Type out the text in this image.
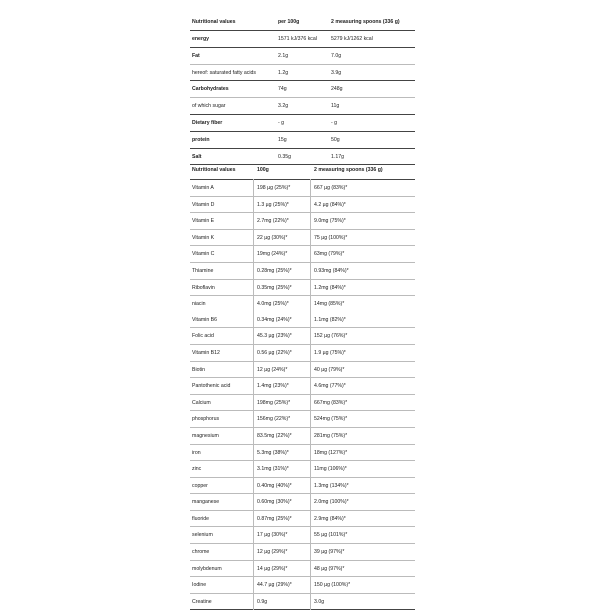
Nutritional values	per 100g	2 measuring spoons (336 g)
energy	1571 kJ/376 kcal	5279 kJ/1262 kcal
Fat	2.1g	7.0g
hereof: saturated fatty acids	1.2g	3.9g
Carbohydrates	74g	248g
of which sugar	3.2g	11g
Dietary fiber	- g	- g
protein	15g	50g
Salt	0.35g	1.17g
Nutritional values	100g	2 measuring spoons (336 g)
Vitamin A	198 µg (25%)*	667 µg (83%)*
Vitamin D	1.3 µg (25%)*	4.2 µg (84%)*
Vitamin E	2.7mg (22%)*	9.0mg (75%)*
Vitamin K	22 µg (30%)*	75 µg (100%)*
Vitamin C	19mg (24%)*	63mg (79%)*
Thiamine	0.28mg (25%)*	0.93mg (84%)*
Riboflavin	0.35mg (25%)*	1.2mg (84%)*
niacin	4.0mg (25%)*	14mg (85%)*
Vitamin B6	0.34mg (24%)*	1.1mg (82%)*
Folic acid	45.3 µg (23%)*	152 µg (76%)*
Vitamin B12	0.56 µg (22%)*	1.9 µg (75%)*
Biotin	12 µg (24%)*	40 µg (79%)*
Pantothenic acid	1.4mg (23%)*	4.6mg (77%)*
Calcium	198mg (25%)*	667mg (83%)*
phosphorus	156mg (22%)*	524mg (75%)*
magnesium	83.5mg (22%)*	281mg (75%)*
iron	5.3mg (38%)*	18mg (127%)*
zinc	3.1mg (31%)*	11mg (106%)*
copper	0.40mg (40%)*	1.3mg (134%)*
manganese	0.60mg (30%)*	2.0mg (100%)*
fluoride	0.87mg (25%)*	2.9mg (84%)*
selenium	17 µg (30%)*	55 µg (101%)*
chrome	12 µg (29%)*	39 µg (97%)*
molybdenum	14 µg (29%)*	48 µg (97%)*
Iodine	44.7 µg (29%)*	150 µg (100%)*
Creatine	0.9g	3.0g
